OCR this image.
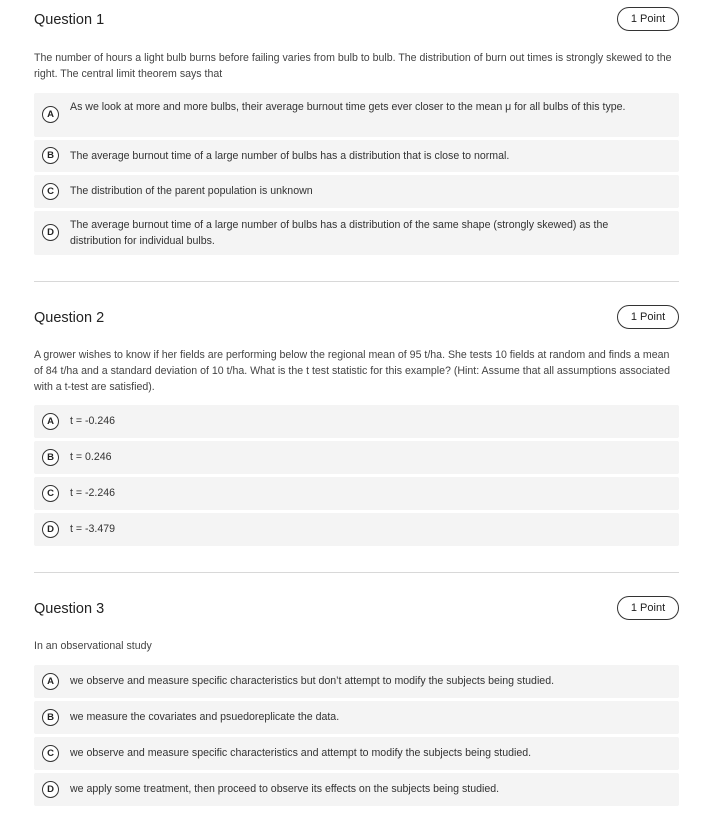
Question 1	1 Point
The number of hours a light bulb burns before failing varies from bulb to bulb. The distribution of burn out times is strongly skewed to the right. The central limit theorem says that
A
As we look at more and more bulbs, their average burnout time gets ever closer to the mean μ for all bulbs of this type.
B	The average burnout time of a large number of bulbs has a distribution that is close to normal.
C	The distribution of the parent population is unknown
D
The average burnout time of a large number of bulbs has a distribution of the same shape (strongly skewed) as the distribution for individual bulbs.
Question 2	1 Point
A grower wishes to know if her fields are performing below the regional mean of 95 t/ha. She tests 10 fields at random and finds a mean of 84 t/ha and a standard deviation of 10 t/ha. What is the t test statistic for this example? (Hint: Assume that all assumptions associated with a t-test are satisfied).
A	t = -0.246
B	t = 0.246
C	t = -2.246
D	t = -3.479
Question 3	1 Point
In an observational study
A	we observe and measure specific characteristics but don’t attempt to modify the subjects being studied.
B	we measure the covariates and psuedoreplicate the data.
C	we observe and measure specific characteristics and attempt to modify the subjects being studied.
D	we apply some treatment, then proceed to observe its effects on the subjects being studied.
